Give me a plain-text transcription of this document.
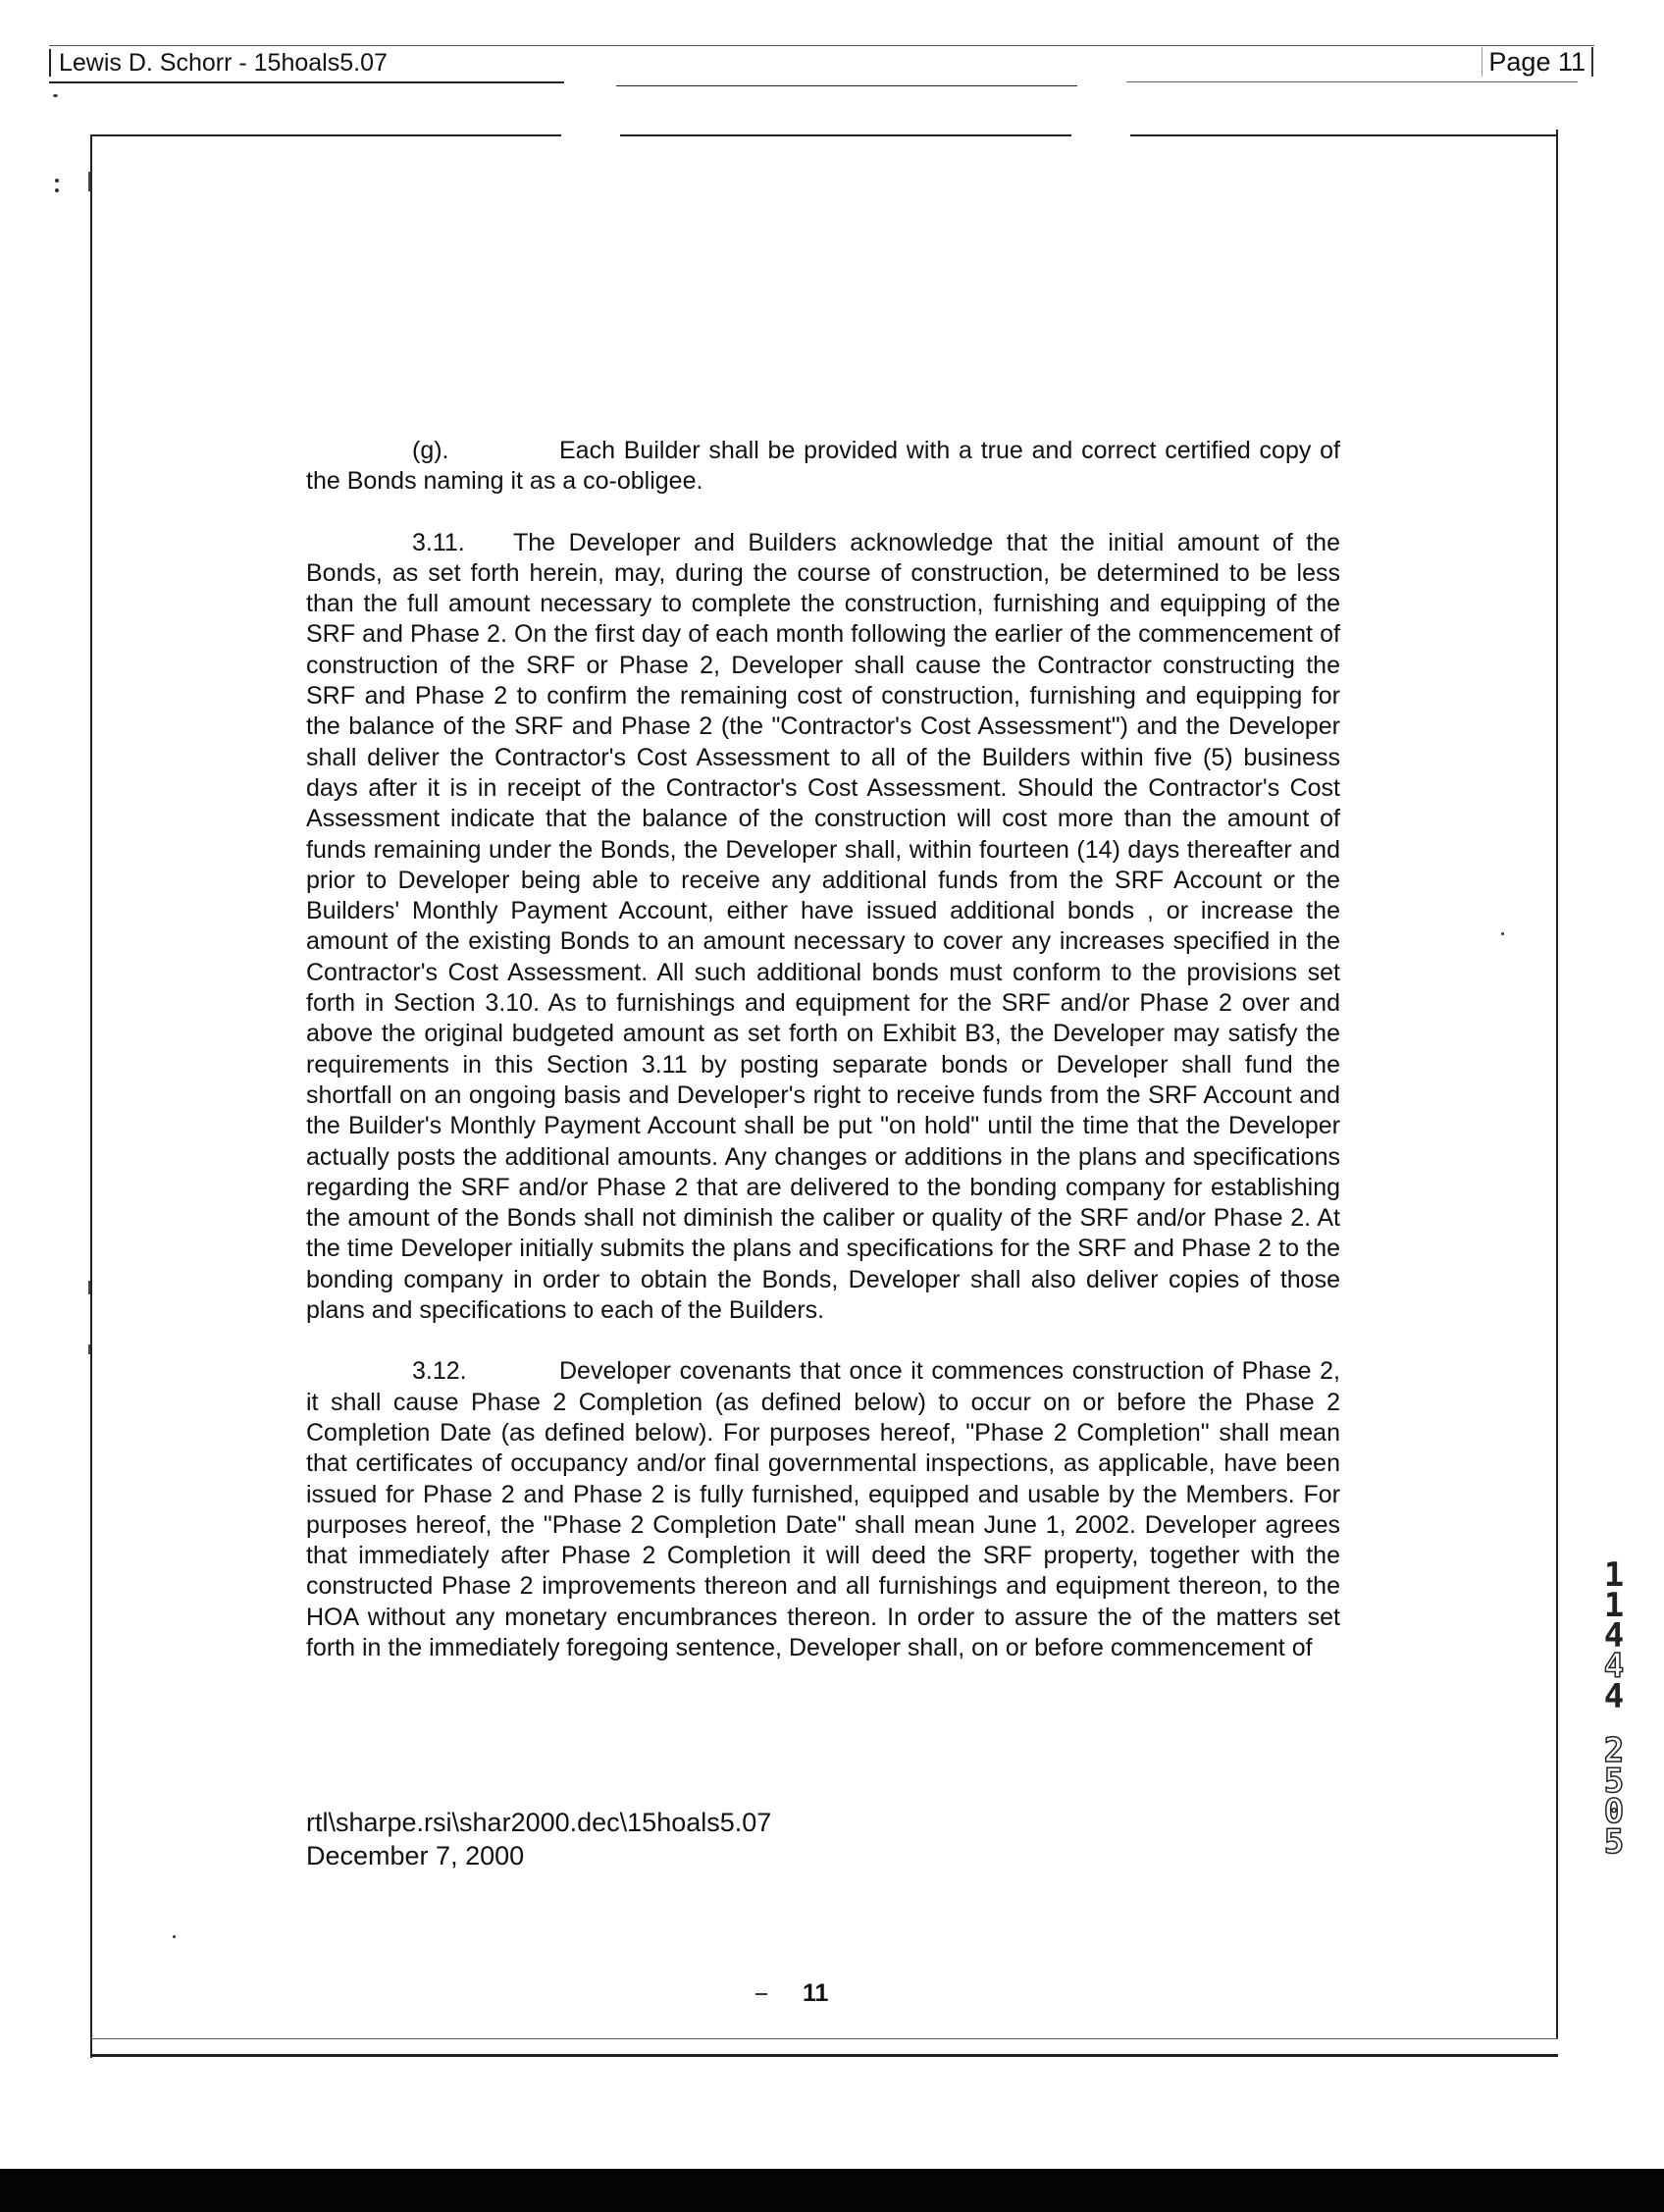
Lewis D. Schorr - 15hoals5.07	Page 11

(g).	Each Builder shall be provided with a true and correct certified copy of the Bonds naming it as a co-obligee.

3.11. The Developer and Builders acknowledge that the initial amount of the Bonds, as set forth herein, may, during the course of construction, be determined to be less than the full amount necessary to complete the construction, furnishing and equipping of the SRF and Phase 2. On the first day of each month following the earlier of the commencement of construction of the SRF or Phase 2, Developer shall cause the Contractor constructing the SRF and Phase 2 to confirm the remaining cost of construction, furnishing and equipping for the balance of the SRF and Phase 2 (the "Contractor's Cost Assessment") and the Developer shall deliver the Contractor's Cost Assessment to all of the Builders within five (5) business days after it is in receipt of the Contractor's Cost Assessment. Should the Contractor's Cost Assessment indicate that the balance of the construction will cost more than the amount of funds remaining under the Bonds, the Developer shall, within fourteen (14) days thereafter and prior to Developer being able to receive any additional funds from the SRF Account or the Builders' Monthly Payment Account, either have issued additional bonds , or increase the amount of the existing Bonds to an amount necessary to cover any increases specified in the Contractor's Cost Assessment. All such additional bonds must conform to the provisions set forth in Section 3.10. As to furnishings and equipment for the SRF and/or Phase 2 over and above the original budgeted amount as set forth on Exhibit B3, the Developer may satisfy the requirements in this Section 3.11 by posting separate bonds or Developer shall fund the shortfall on an ongoing basis and Developer's right to receive funds from the SRF Account and the Builder's Monthly Payment Account shall be put "on hold" until the time that the Developer actually posts the additional amounts. Any changes or additions in the plans and specifications regarding the SRF and/or Phase 2 that are delivered to the bonding company for establishing the amount of the Bonds shall not diminish the caliber or quality of the SRF and/or Phase 2. At the time Developer initially submits the plans and specifications for the SRF and Phase 2 to the bonding company in order to obtain the Bonds, Developer shall also deliver copies of those plans and specifications to each of the Builders.

3.12.	Developer covenants that once it commences construction of Phase 2, it shall cause Phase 2 Completion (as defined below) to occur on or before the Phase 2 Completion Date (as defined below). For purposes hereof, "Phase 2 Completion" shall mean that certificates of occupancy and/or final governmental inspections, as applicable, have been issued for Phase 2 and Phase 2 is fully furnished, equipped and usable by the Members. For purposes hereof, the "Phase 2 Completion Date" shall mean June 1, 2002. Developer agrees that immediately after Phase 2 Completion it will deed the SRF property, together with the constructed Phase 2 improvements thereon and all furnishings and equipment thereon, to the HOA without any monetary encumbrances thereon. In order to assure the of the matters set forth in the immediately foregoing sentence, Developer shall, on or before commencement of

rtl\sharpe.rsi\shar2000.dec\15hoals5.07
December 7, 2000
11
1
1
4
4
4
2
5
0
5
